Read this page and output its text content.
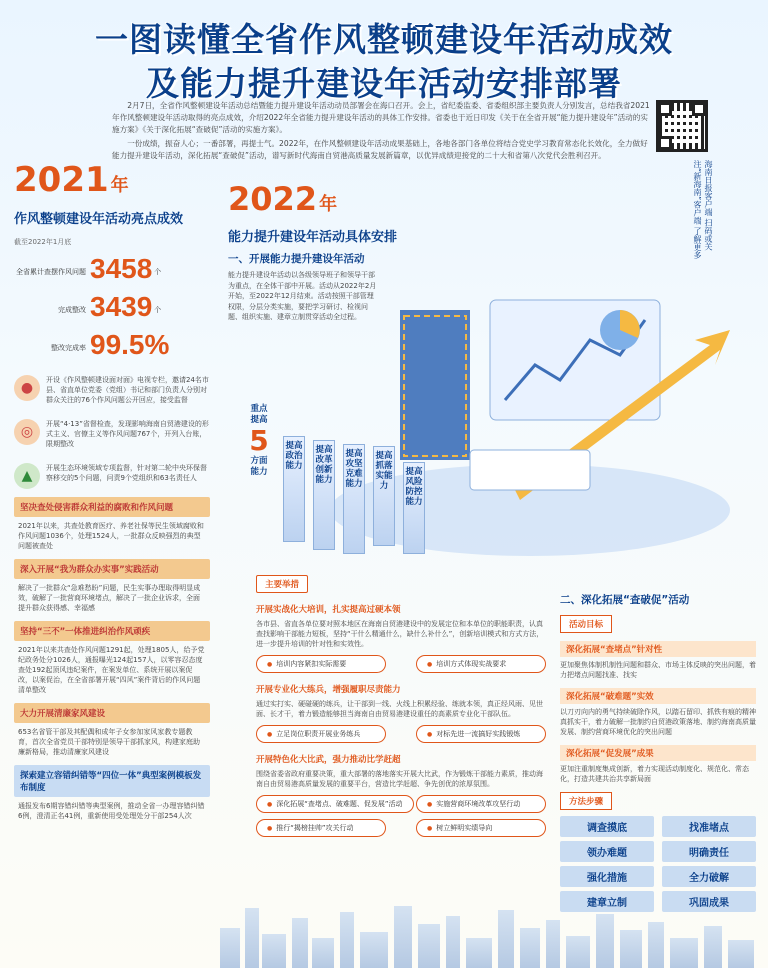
一图读懂全省作风整顿建设年活动成效
及能力提升建设年活动安排部署

2月7日，全省作风整顿建设年活动总结暨能力提升建设年活动动员部署会在海口召开。会上，省纪委监委、省委组织部主要负责人分别发言，总结我省2021年作风整顿建设年活动取得的亮点成效，介绍2022年全省能力提升建设年活动的具体工作安排。省委也于近日印发《关于在全省开展“能力提升建设年”活动的实施方案》《关于深化拓展“查破促”活动的实施方案》。

一份成绩，振奋人心；一番部署，再提士气。2022年，在作风整顿建设年活动成果基础上，各地各部门各单位将结合党史学习教育常态化长效化，全力做好能力提升建设年活动，深化拓展“查破促”活动，谱写新时代海南自贸港高质量发展新篇章，以优异成绩迎接党的二十大和省第八次党代会胜利召开。

海南日报客户端 扫码或关注“新海南”客户端 了解更多
2021 年
作风整顿建设年活动亮点成效
截至2022年1月底
全省累计查摆作风问题 3458 个
完成整改 3439 个
整改完成率 99.5%
●	开设《作风整顿建设面对面》电视专栏，邀请24名市县、省直单位党委（党组）书记和部门负责人分别对群众关注的76个作风问题公开回应，接受监督
◎	开展“4·13”省督检查，发现影响海南自贸港建设的形式主义、官僚主义等作风问题767个，开列入台账，限期整改
▲	开展生态环境领域专项监督，针对第二轮中央环保督察移交的5个问题，问责9个党组织和63名责任人
坚决查处侵害群众利益的腐败和作风问题
2021年以来，共查处教育医疗、养老社保等民生领域腐败和作风问题1036个，处理1524人，一批群众反映强烈的典型问题被查处
深入开展“我为群众办实事”实践活动
解决了一批群众“急难愁盼”问题，民生实事办理取得明显成效，破解了一批营商环境堵点，解决了一批企业诉求，全面提升群众获得感、幸福感
坚持“三不”一体推进纠治作风顽疾
2021年以来共查处作风问题1291起，处理1805人，给予党纪政务处分1026人，通报曝光124起157人，以零容忍态度查处192起顶风违纪案件，在案发单位、系统开展以案促改，以案促治，在全省部署开展“四风”案件背后的作风问题清单整改
大力开展清廉家风建设
653名省管干部及其配偶和成年子女参加家风家教专题教育，首次全省党员干部特别是领导干部抓家风，构建家庭助廉新格局，推动清廉家风建设
探索建立容错纠错等“四位一体”典型案例模板发布制度
通报发布6期容错纠错等典型案例，推动全省一办理容错纠错6例，澄清正名41例，重新使用受处理处分干部254人次
2022 年
能力提升建设年活动具体安排
一、开展能力提升建设年活动
能力提升建设年活动以各级领导班子和领导干部为重点，在全体干部中开展。活动从2022年2月开始，至2022年12月结束。活动按照干部管理权限，分层分类实施，要把学习研讨、检视问题、组织实施、建章立制贯穿活动全过程。
重点提高
5
方面能力
提高政治能力
提高改革创新能力
提高攻坚克难能力
提高抓落实能力
提高风险防控能力
主要举措
开展实战化大培训，扎实提高过硬本领
各市县、省直各单位要对照本地区在海南自贸港建设中的发展定位和本单位的职能职责，认真查找影响干部能力短板，坚持“干什么精通什么，缺什么补什么”，创新培训模式和方式方法，进一步提升培训的针对性和实效性。
● 培训内容紧扣实际需要	● 培训方式体现实战要求
开展专业化大练兵，增强履职尽责能力
通过实打实、硬碰硬的练兵，让干部到一线、火线上积累经验、练就本领，真正经风雨、见世面、长才干，着力锻造能够担当海南自由贸易港建设重任的高素质专业化干部队伍。
● 立足岗位职责开展业务练兵	● 对标先进一流搞好实践锻炼
开展特色化大比武，强力推动比学赶超
围绕省委省政府重要决策，重大部署的落地落实开展大比武，作为锻炼干部能力素质，推动海南自由贸易港高质量发展的重要平台，营造比学赶超、争先创优的浓厚氛围。
● 深化拓展“查堵点、破难题、促发展”活动	● 实施营商环境改革攻坚行动
● 推行“揭榜挂帅”攻关行动	● 树立鲜明实绩导向
二、深化拓展“查破促”活动
活动目标
深化拓展“查堵点”针对性
更加聚焦体制机制性问题和群众、市场主体反映的突出问题，着力把堵点问题找准、找实
深化拓展“破难题”实效
以刀刃向内的勇气持续破除作风，以踏石留印、抓铁有痕的精神真抓实干，着力破解一批制约自贸港政策落地、制约海南高质量发展、制约营商环境优化的突出问题
深化拓展“促发展”成果
更加注重制度集成创新，着力实现活动制度化、规范化、常态化，打造共建共治共享新局面
方法步骤
调查摸底	找准堵点
领办难题	明确责任
强化措施	全力破解
建章立制	巩固成果
